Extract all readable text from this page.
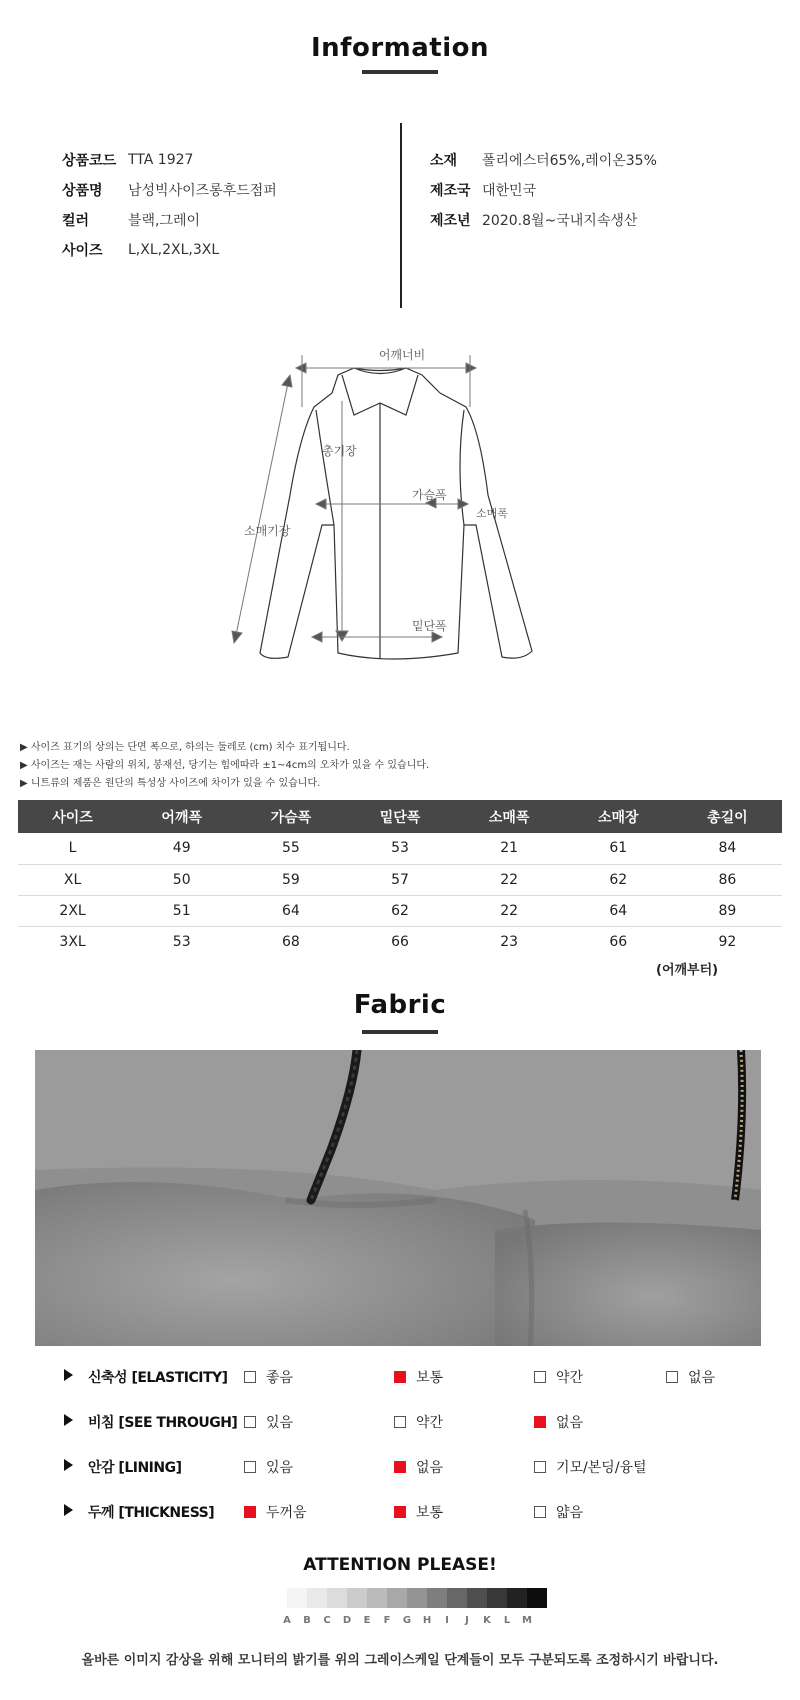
Information
상품코드 TTA 1927
상품명	남성빅사이즈롱후드점퍼
컬러	블랙,그레이
사이즈	L,XL,2XL,3XL
소재	폴리에스터65%,레이온35%
제조국 대한민국
제조년 2020.8월~국내지속생산
어깨너비
총기장
가슴폭
소매폭
소매기장
밑단폭
▶ 사이즈 표기의 상의는 단면 폭으로, 하의는 둘레로 (cm) 치수 표기됩니다.
▶ 사이즈는 재는 사람의 위치, 봉재선, 당기는 힘에따라 ±1~4cm의 오차가 있을 수 있습니다.
▶ 니트류의 제품은 원단의 특성상 사이즈에 차이가 있을 수 있습니다.
사이즈	어깨폭	가슴폭	밑단폭	소매폭	소매장	총길이
L	49	55	53	21	61	84
XL	50	59	57	22	62	86
2XL	51	64	62	22	64	89
3XL	53	68	66	23	66	92
(어깨부터)
Fabric
신축성 [ELASTICITY]	좋음	보통	약간	없음
비침 [SEE THROUGH] 있음	약간	없음
안감 [LINING]	있음	없음	기모/본딩/융털
두께 [THICKNESS]	두꺼움	보통	얇음
ATTENTION PLEASE!
A	B	C	D	E	F	G	H	I	J	K	L	M
올바른 이미지 감상을 위해 모니터의 밝기를 위의 그레이스케일 단계들이 모두 구분되도록 조정하시기 바랍니다.
